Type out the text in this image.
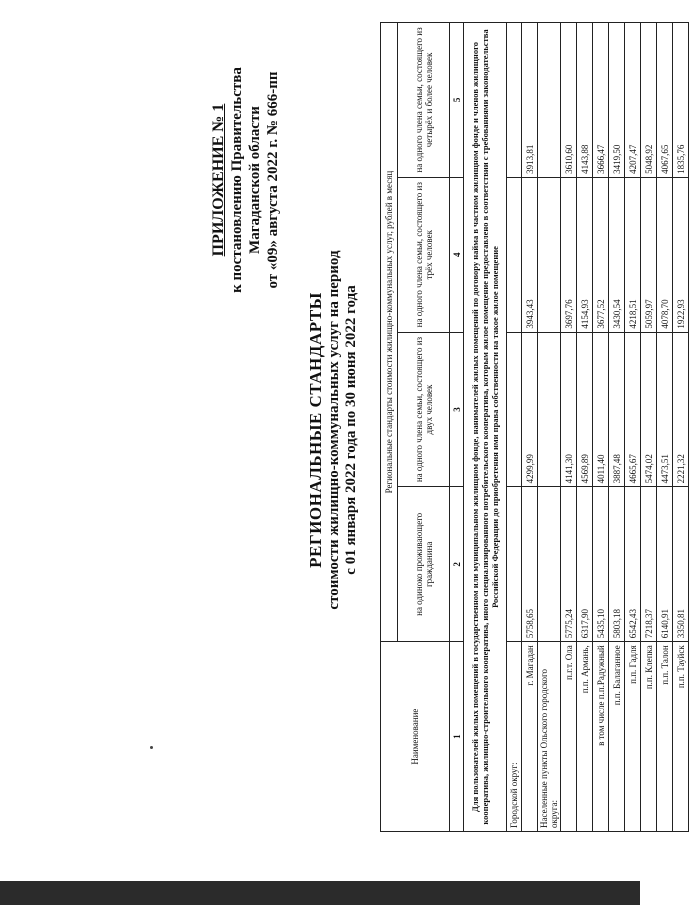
ПРИЛОЖЕНИЕ № 1 к постановлению Правительства Магаданской области от «09» августа 2022 г. № 666-пп
РЕГИОНАЛЬНЫЕ СТАНДАРТЫ стоимости жилищно-коммунальных услуг на период с 01 января 2022 года по 30 июня 2022 года
Наименование	Региональные стандарты стоимости жилищно-коммунальных услуг, рублей в месяц			
	на одиноко проживающего гражданина	на одного члена семьи, состоящего из двух человек	на одного члена семьи, состоящего из трёх человек	на одного члена семьи, состоящего из четырёх и более человек
1	2	3	4	5
Для пользователей жилых помещений в государственном или муниципальном жилищном фонде, нанимателей жилых помещений по договору найма в частном жилищном фонде и членов жилищного кооператива, жилищно-строительного кооператива, иного специализированного потребительского кооператива, которым жилое помещение предоставлено в соответствии с требованиями законодательства Российской Федерации до приобретения ими права собственности на такое жилое помещение				
Городской округ:				
г. Магадан	5758,65	4299,99	3943,43	3913,81
Населенные пункты Ольского городского округа:				
п.г.т. Ола	5775,24	4141,30	3697,76	3610,60
п.п. Армань,	6317,90	4569,89	4154,93	4143,88
в том числе п.п.Радужный	5435,10	4011,40	3677,52	3666,47
п.п. Балаганное	5803,18	3887,48	3430,54	3419,50
п.п. Гадля	6542,43	4665,67	4218,51	4207,47
п.п. Клепка	7218,37	5474,02	5059,97	5048,92
п.п. Талон	6140,91	4473,51	4078,70	4067,65
п.п. Тауйск	3350,81	2221,32	1922,93	1835,76
